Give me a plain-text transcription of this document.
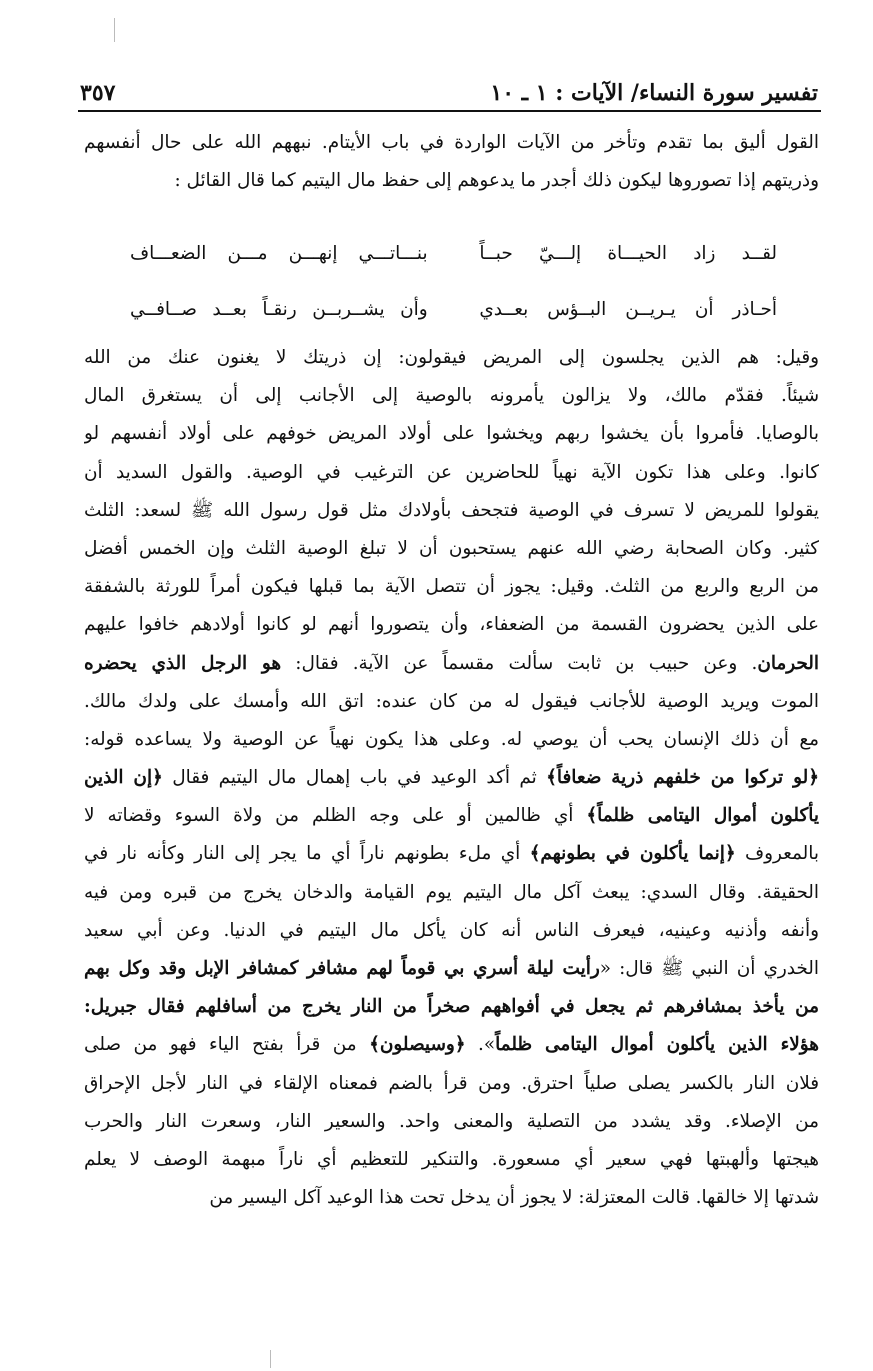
تفسير سورة النساء/ الآيات : ١ ـ ١٠
٣٥٧
القول أليق بما تقدم وتأخر من الآيات الواردة في باب الأيتام. نبههم الله على حال أنفسهم
وذريتهم إذا تصوروها ليكون ذلك أجدر ما يدعوهم إلى حفظ مال اليتيم كما قال القائل :
لقــد زاد الحيـــاة إلـــيّ حبــاً
بنـــاتـــي إنهـــن مـــن الضعـــاف
أحـاذر أن يـريــن البــؤس بعــدي
وأن يشــربــن رنقـاً بعــد صــافــي
وقيل: هم الذين يجلسون إلى المريض فيقولون: إن ذريتك لا يغنون عنك من الله
شيئاً. فقدّم مالك، ولا يزالون يأمرونه بالوصية إلى الأجانب إلى أن يستغرق المال
بالوصايا. فأمروا بأن يخشوا ربهم ويخشوا على أولاد المريض خوفهم على أولاد أنفسهم لو
كانوا. وعلى هذا تكون الآية نهياً للحاضرين عن الترغيب في الوصية. والقول السديد أن
يقولوا للمريض لا تسرف في الوصية فتجحف بأولادك مثل قول رسول الله ﷺ لسعد: الثلث
كثير. وكان الصحابة رضي الله عنهم يستحبون أن لا تبلغ الوصية الثلث وإن الخمس أفضل
من الربع والربع من الثلث. وقيل: يجوز أن تتصل الآية بما قبلها فيكون أمراً للورثة بالشفقة
على الذين يحضرون القسمة من الضعفاء، وأن يتصوروا أنهم لو كانوا أولادهم خافوا عليهم
الحرمان. وعن حبيب بن ثابت سألت مقسماً عن الآية. فقال: هو الرجل الذي يحضره
الموت ويريد الوصية للأجانب فيقول له من كان عنده: اتق الله وأمسك على ولدك مالك.
مع أن ذلك الإنسان يحب أن يوصي له. وعلى هذا يكون نهياً عن الوصية ولا يساعده قوله:
﴿لو تركوا من خلفهم ذرية ضعافاً﴾ ثم أكد الوعيد في باب إهمال مال اليتيم فقال ﴿إن الذين
يأكلون أموال اليتامى ظلماً﴾ أي ظالمين أو على وجه الظلم من ولاة السوء وقضاته لا
بالمعروف ﴿إنما يأكلون في بطونهم﴾ أي ملء بطونهم ناراً أي ما يجر إلى النار وكأنه نار في
الحقيقة. وقال السدي: يبعث آكل مال اليتيم يوم القيامة والدخان يخرج من قبره ومن فيه
وأنفه وأذنيه وعينيه، فيعرف الناس أنه كان يأكل مال اليتيم في الدنيا. وعن أبي سعيد
الخدري أن النبي ﷺ قال: «رأيت ليلة أسري بي قوماً لهم مشافر كمشافر الإبل وقد وكل بهم
من يأخذ بمشافرهم ثم يجعل في أفواههم صخراً من النار يخرج من أسافلهم فقال جبريل:
هؤلاء الذين يأكلون أموال اليتامى ظلماً». ﴿وسيصلون﴾ من قرأ بفتح الياء فهو من صلى
فلان النار بالكسر يصلى صلياً احترق. ومن قرأ بالضم فمعناه الإلقاء في النار لأجل الإحراق
من الإصلاء. وقد يشدد من التصلية والمعنى واحد. والسعير النار، وسعرت النار والحرب
هيجتها وألهبتها فهي سعير أي مسعورة. والتنكير للتعظيم أي ناراً مبهمة الوصف لا يعلم
شدتها إلا خالقها. قالت المعتزلة: لا يجوز أن يدخل تحت هذا الوعيد آكل اليسير من
